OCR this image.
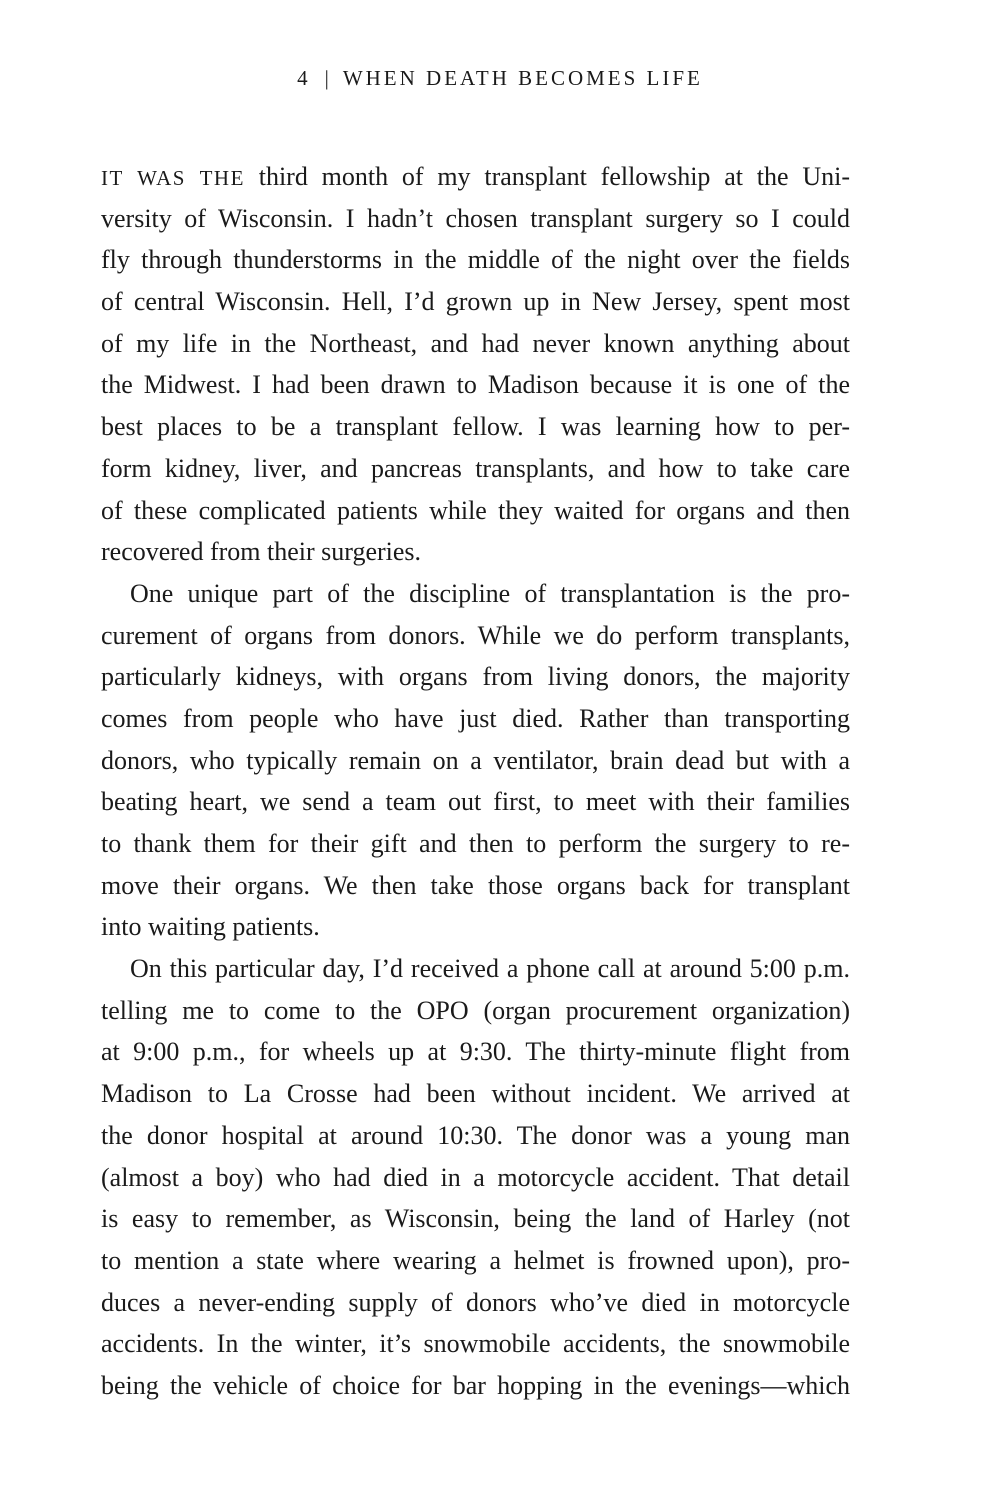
4 | WHEN DEATH BECOMES LIFE
IT WAS THE third month of my transplant fellowship at the Uni-
versity of Wisconsin. I hadn’t chosen transplant surgery so I could
fly through thunderstorms in the middle of the night over the fields
of central Wisconsin. Hell, I’d grown up in New Jersey, spent most
of my life in the Northeast, and had never known anything about
the Midwest. I had been drawn to Madison because it is one of the
best places to be a transplant fellow. I was learning how to per-
form kidney, liver, and pancreas transplants, and how to take care
of these complicated patients while they waited for organs and then
recovered from their surgeries.
One unique part of the discipline of transplantation is the pro-
curement of organs from donors. While we do perform transplants,
particularly kidneys, with organs from living donors, the majority
comes from people who have just died. Rather than transporting
donors, who typically remain on a ventilator, brain dead but with a
beating heart, we send a team out first, to meet with their families
to thank them for their gift and then to perform the surgery to re-
move their organs. We then take those organs back for transplant
into waiting patients.
On this particular day, I’d received a phone call at around 5:00 p.m.
telling me to come to the OPO (organ procurement organization)
at 9:00 p.m., for wheels up at 9:30. The thirty-minute flight from
Madison to La Crosse had been without incident. We arrived at
the donor hospital at around 10:30. The donor was a young man
(almost a boy) who had died in a motorcycle accident. That detail
is easy to remember, as Wisconsin, being the land of Harley (not
to mention a state where wearing a helmet is frowned upon), pro-
duces a never-ending supply of donors who’ve died in motorcycle
accidents. In the winter, it’s snowmobile accidents, the snowmobile
being the vehicle of choice for bar hopping in the evenings—which
